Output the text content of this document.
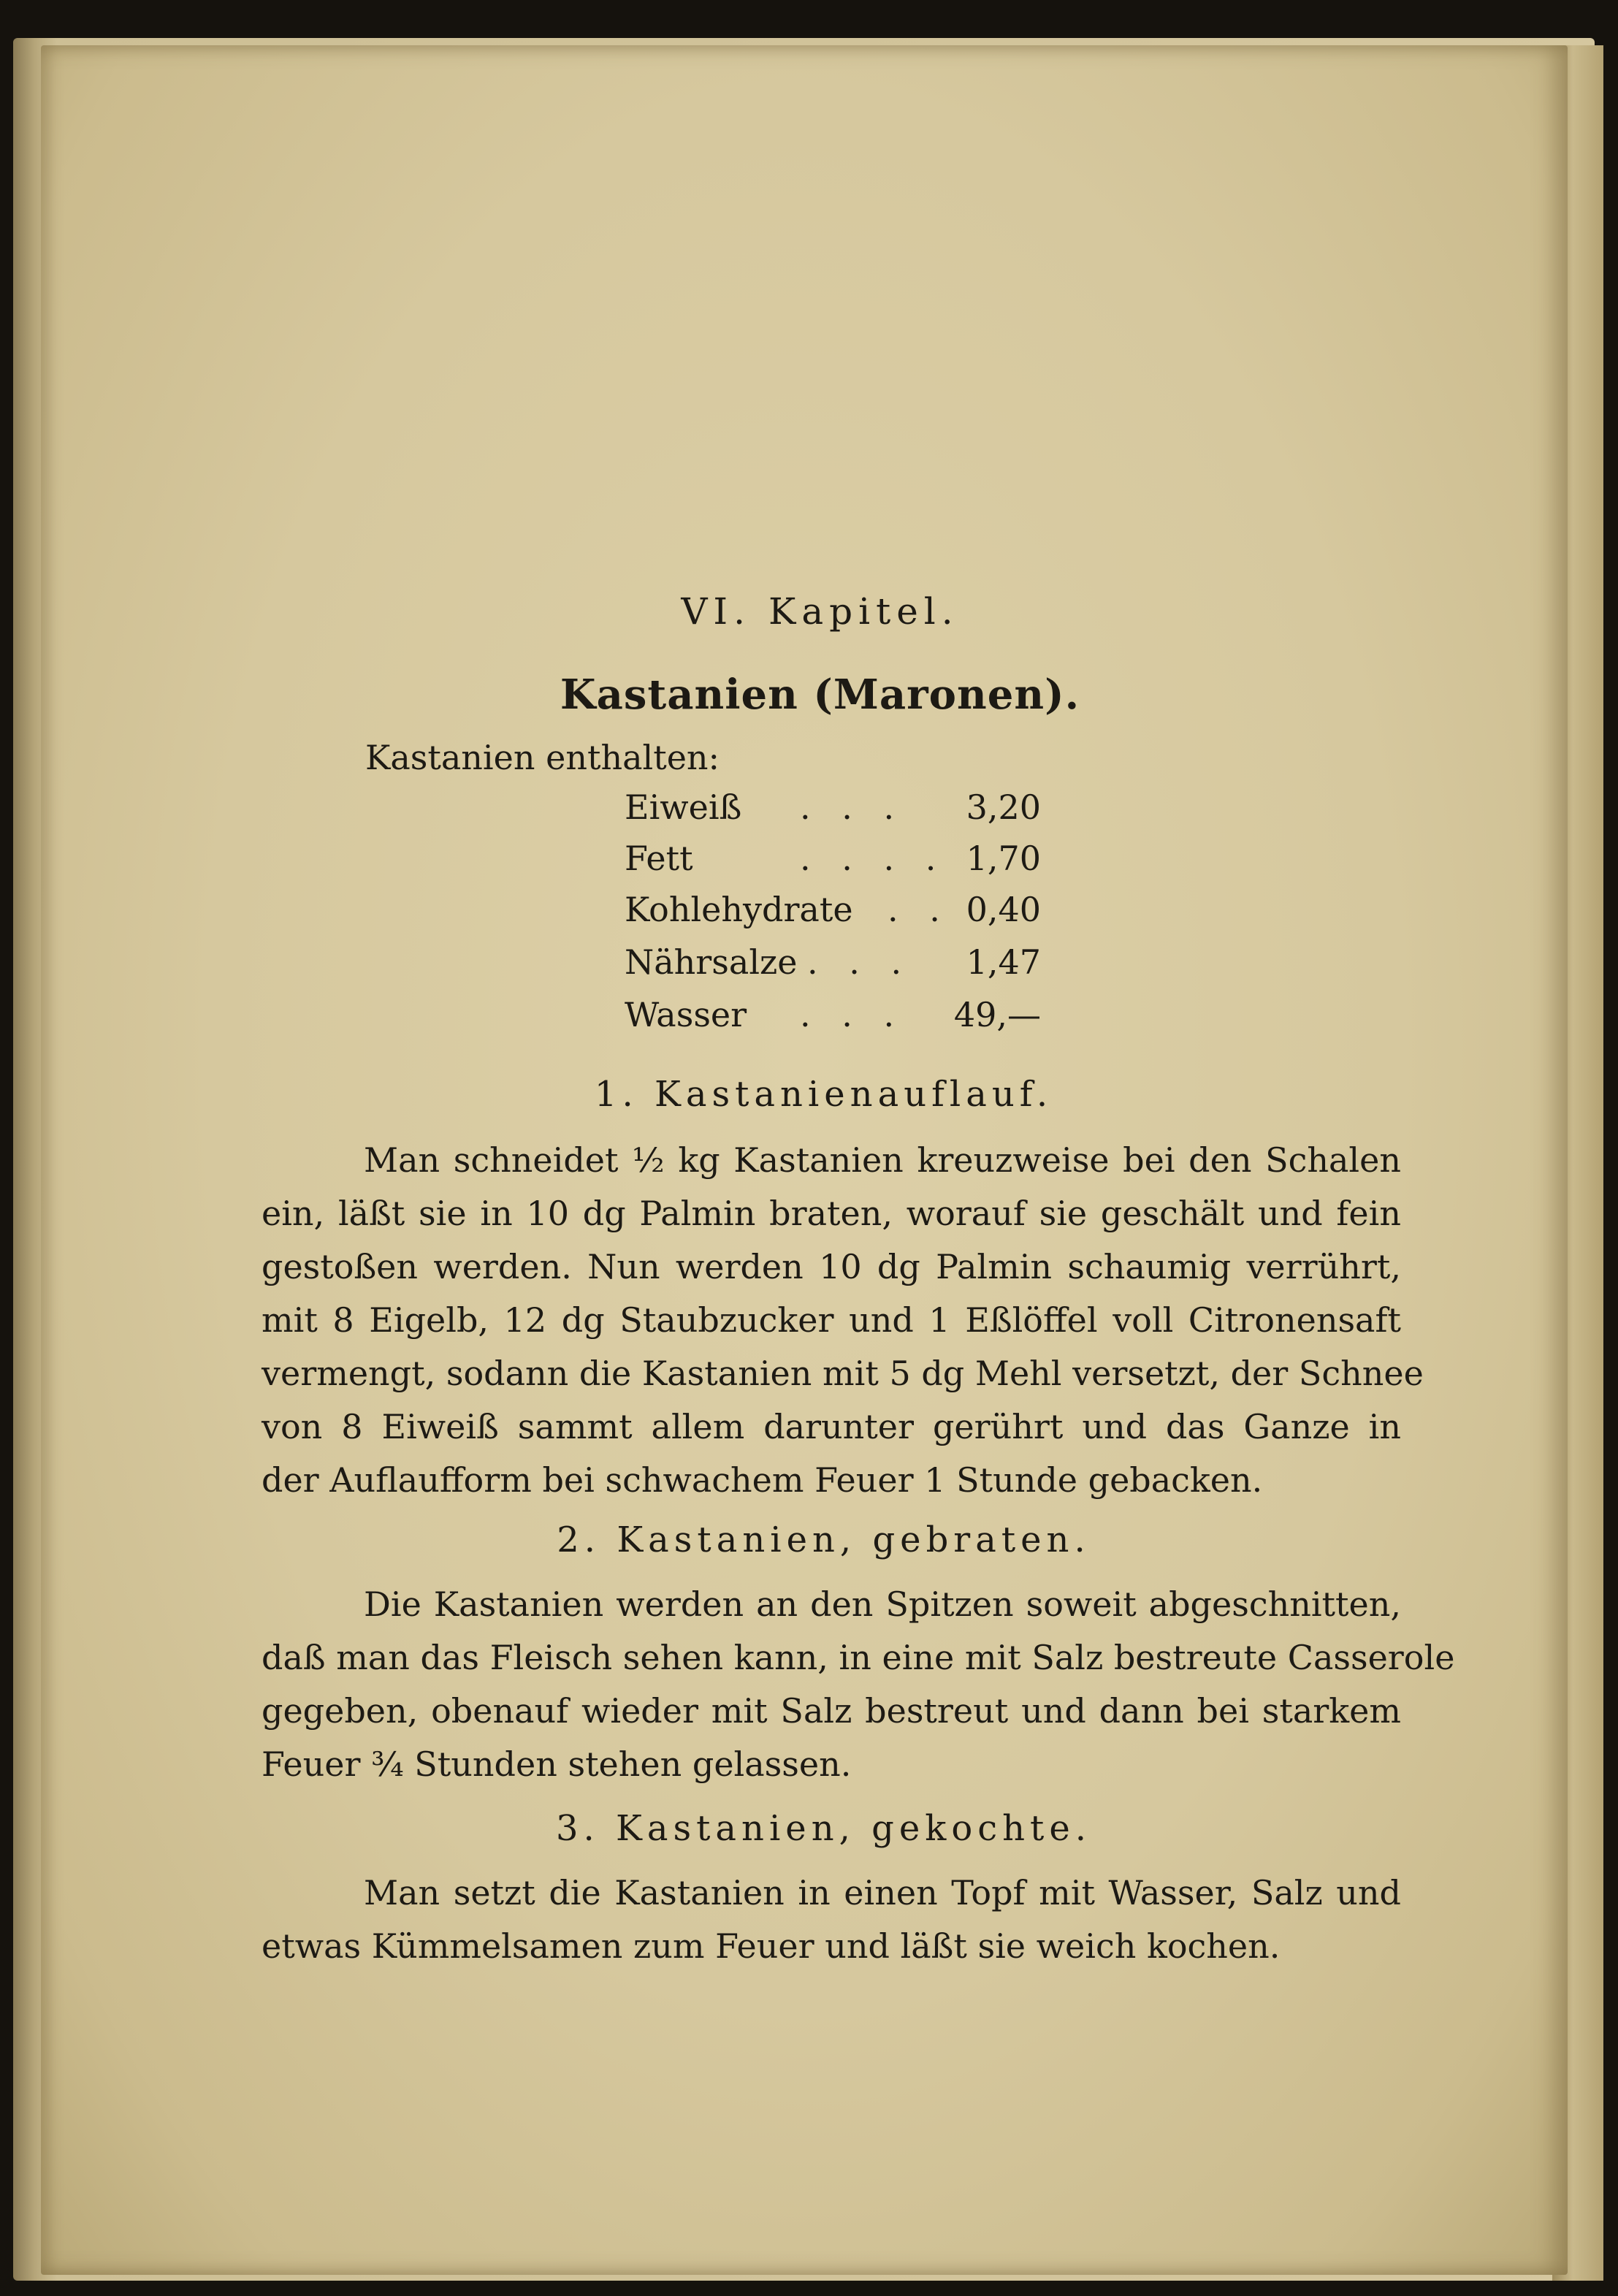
VI. Kapitel.
Kastanien (Maronen).
Kastanien enthalten:
Eiweiß . . . 3,20
Fett	. . . . 1,70
Kohlehydrate . . 0,40
Nährsalze . . . 1,47
Wasser . . . 49,—
1. Kastanienauflauf.
Man schneidet ½ kg Kastanien kreuzweise bei den Schalen
ein, läßt sie in 10 dg Palmin braten, worauf sie geschält und fein
gestoßen werden. Nun werden 10 dg Palmin schaumig verrührt,
mit 8 Eigelb, 12 dg Staubzucker und 1 Eßlöffel voll Citronensaft
vermengt, sodann die Kastanien mit 5 dg Mehl versetzt, der Schnee
von 8 Eiweiß sammt allem darunter gerührt und das Ganze in
der Auflaufform bei schwachem Feuer 1 Stunde gebacken.
2. Kastanien, gebraten.
Die Kastanien werden an den Spitzen soweit abgeschnitten,
daß man das Fleisch sehen kann, in eine mit Salz bestreute Casserole
gegeben, obenauf wieder mit Salz bestreut und dann bei starkem
Feuer ¾ Stunden stehen gelassen.
3. Kastanien, gekochte.
Man setzt die Kastanien in einen Topf mit Wasser, Salz und
etwas Kümmelsamen zum Feuer und läßt sie weich kochen.
